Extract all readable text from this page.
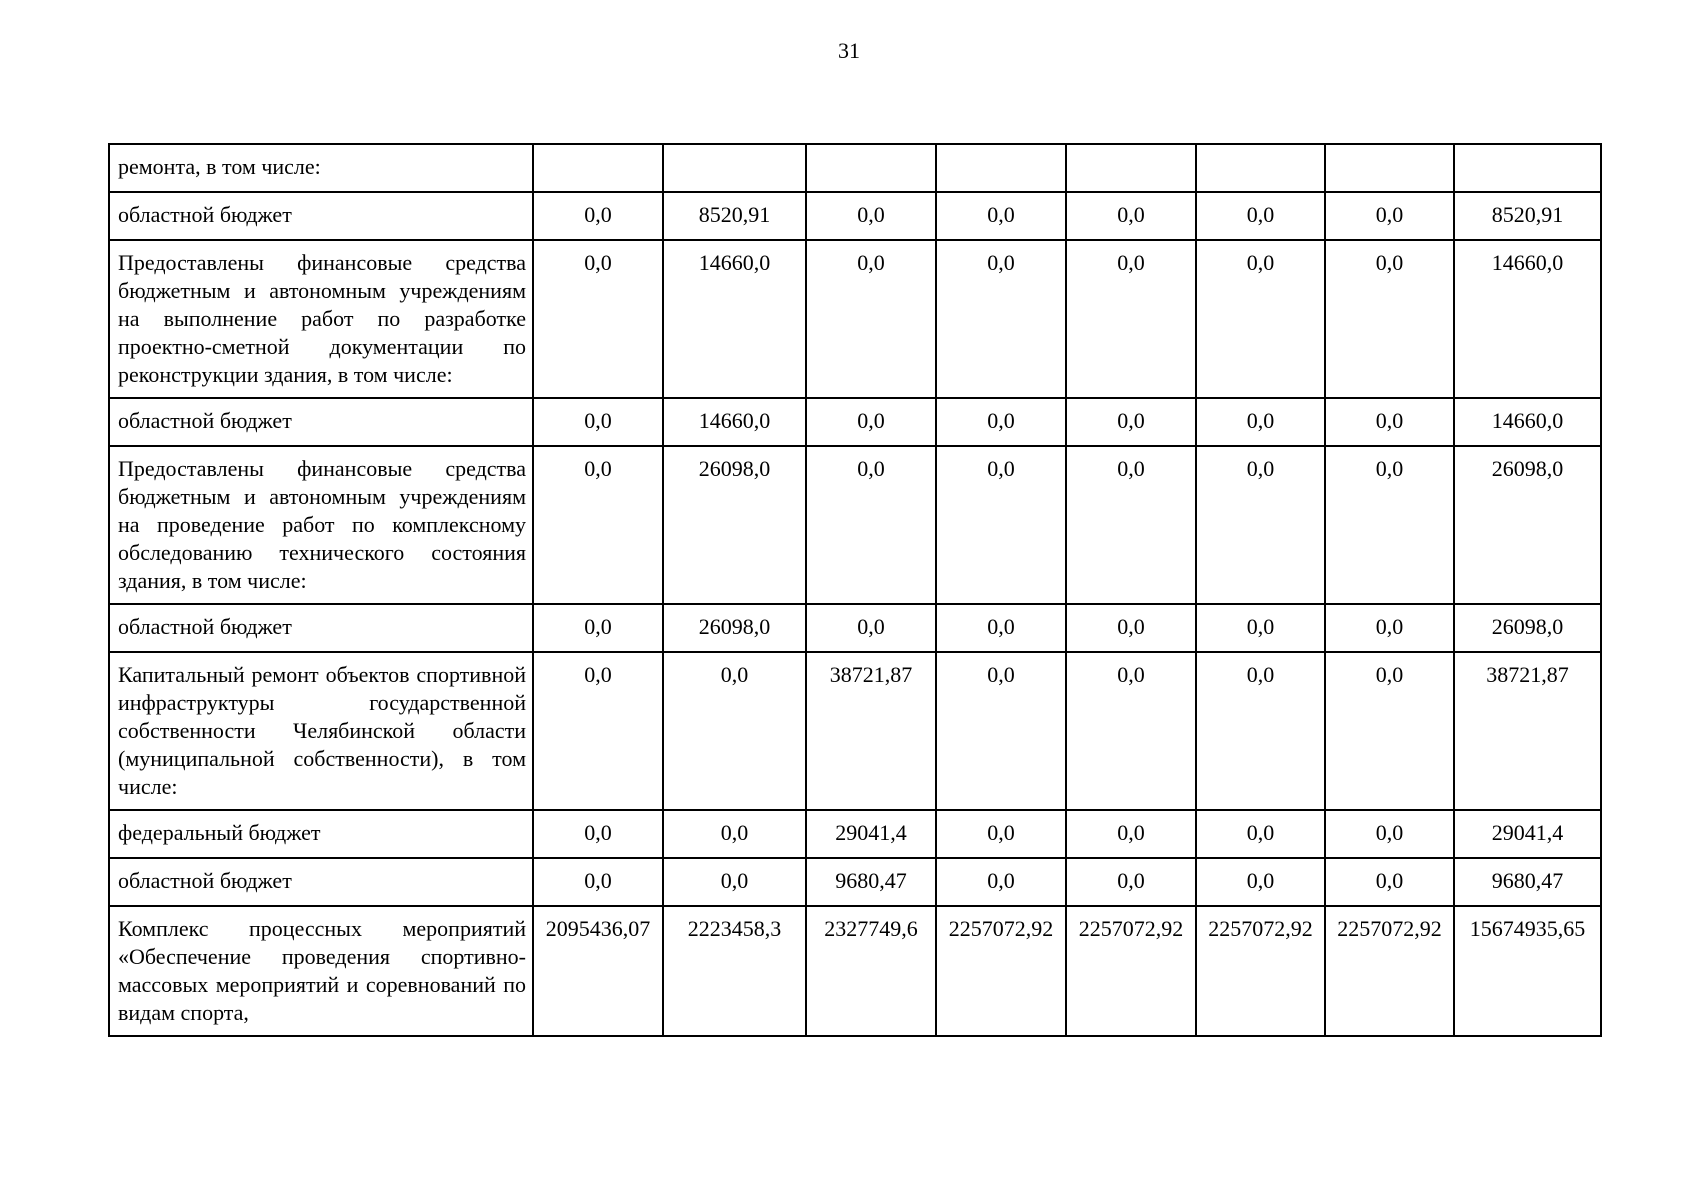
31
ремонта, в том числе:								
областной бюджет	0,0	8520,91	0,0	0,0	0,0	0,0	0,0	8520,91
Предоставлены финансовые средства бюджетным и автономным учреждениям на выполнение работ по разработке проектно-сметной документации по реконструкции здания, в том числе:	0,0	14660,0	0,0	0,0	0,0	0,0	0,0	14660,0
областной бюджет	0,0	14660,0	0,0	0,0	0,0	0,0	0,0	14660,0
Предоставлены финансовые средства бюджетным и автономным учреждениям на проведение работ по комплексному обследованию технического состояния здания, в том числе:	0,0	26098,0	0,0	0,0	0,0	0,0	0,0	26098,0
областной бюджет	0,0	26098,0	0,0	0,0	0,0	0,0	0,0	26098,0
Капитальный ремонт объектов спортивной инфраструктуры государственной собственности Челябинской области (муниципальной собственности), в том числе:	0,0	0,0	38721,87	0,0	0,0	0,0	0,0	38721,87
федеральный бюджет	0,0	0,0	29041,4	0,0	0,0	0,0	0,0	29041,4
областной бюджет	0,0	0,0	9680,47	0,0	0,0	0,0	0,0	9680,47
Комплекс процессных мероприятий «Обеспечение проведения спортивно-массовых мероприятий и соревнований по видам спорта,	2095436,07	2223458,3	2327749,6	2257072,92	2257072,92	2257072,92	2257072,92	15674935,65
